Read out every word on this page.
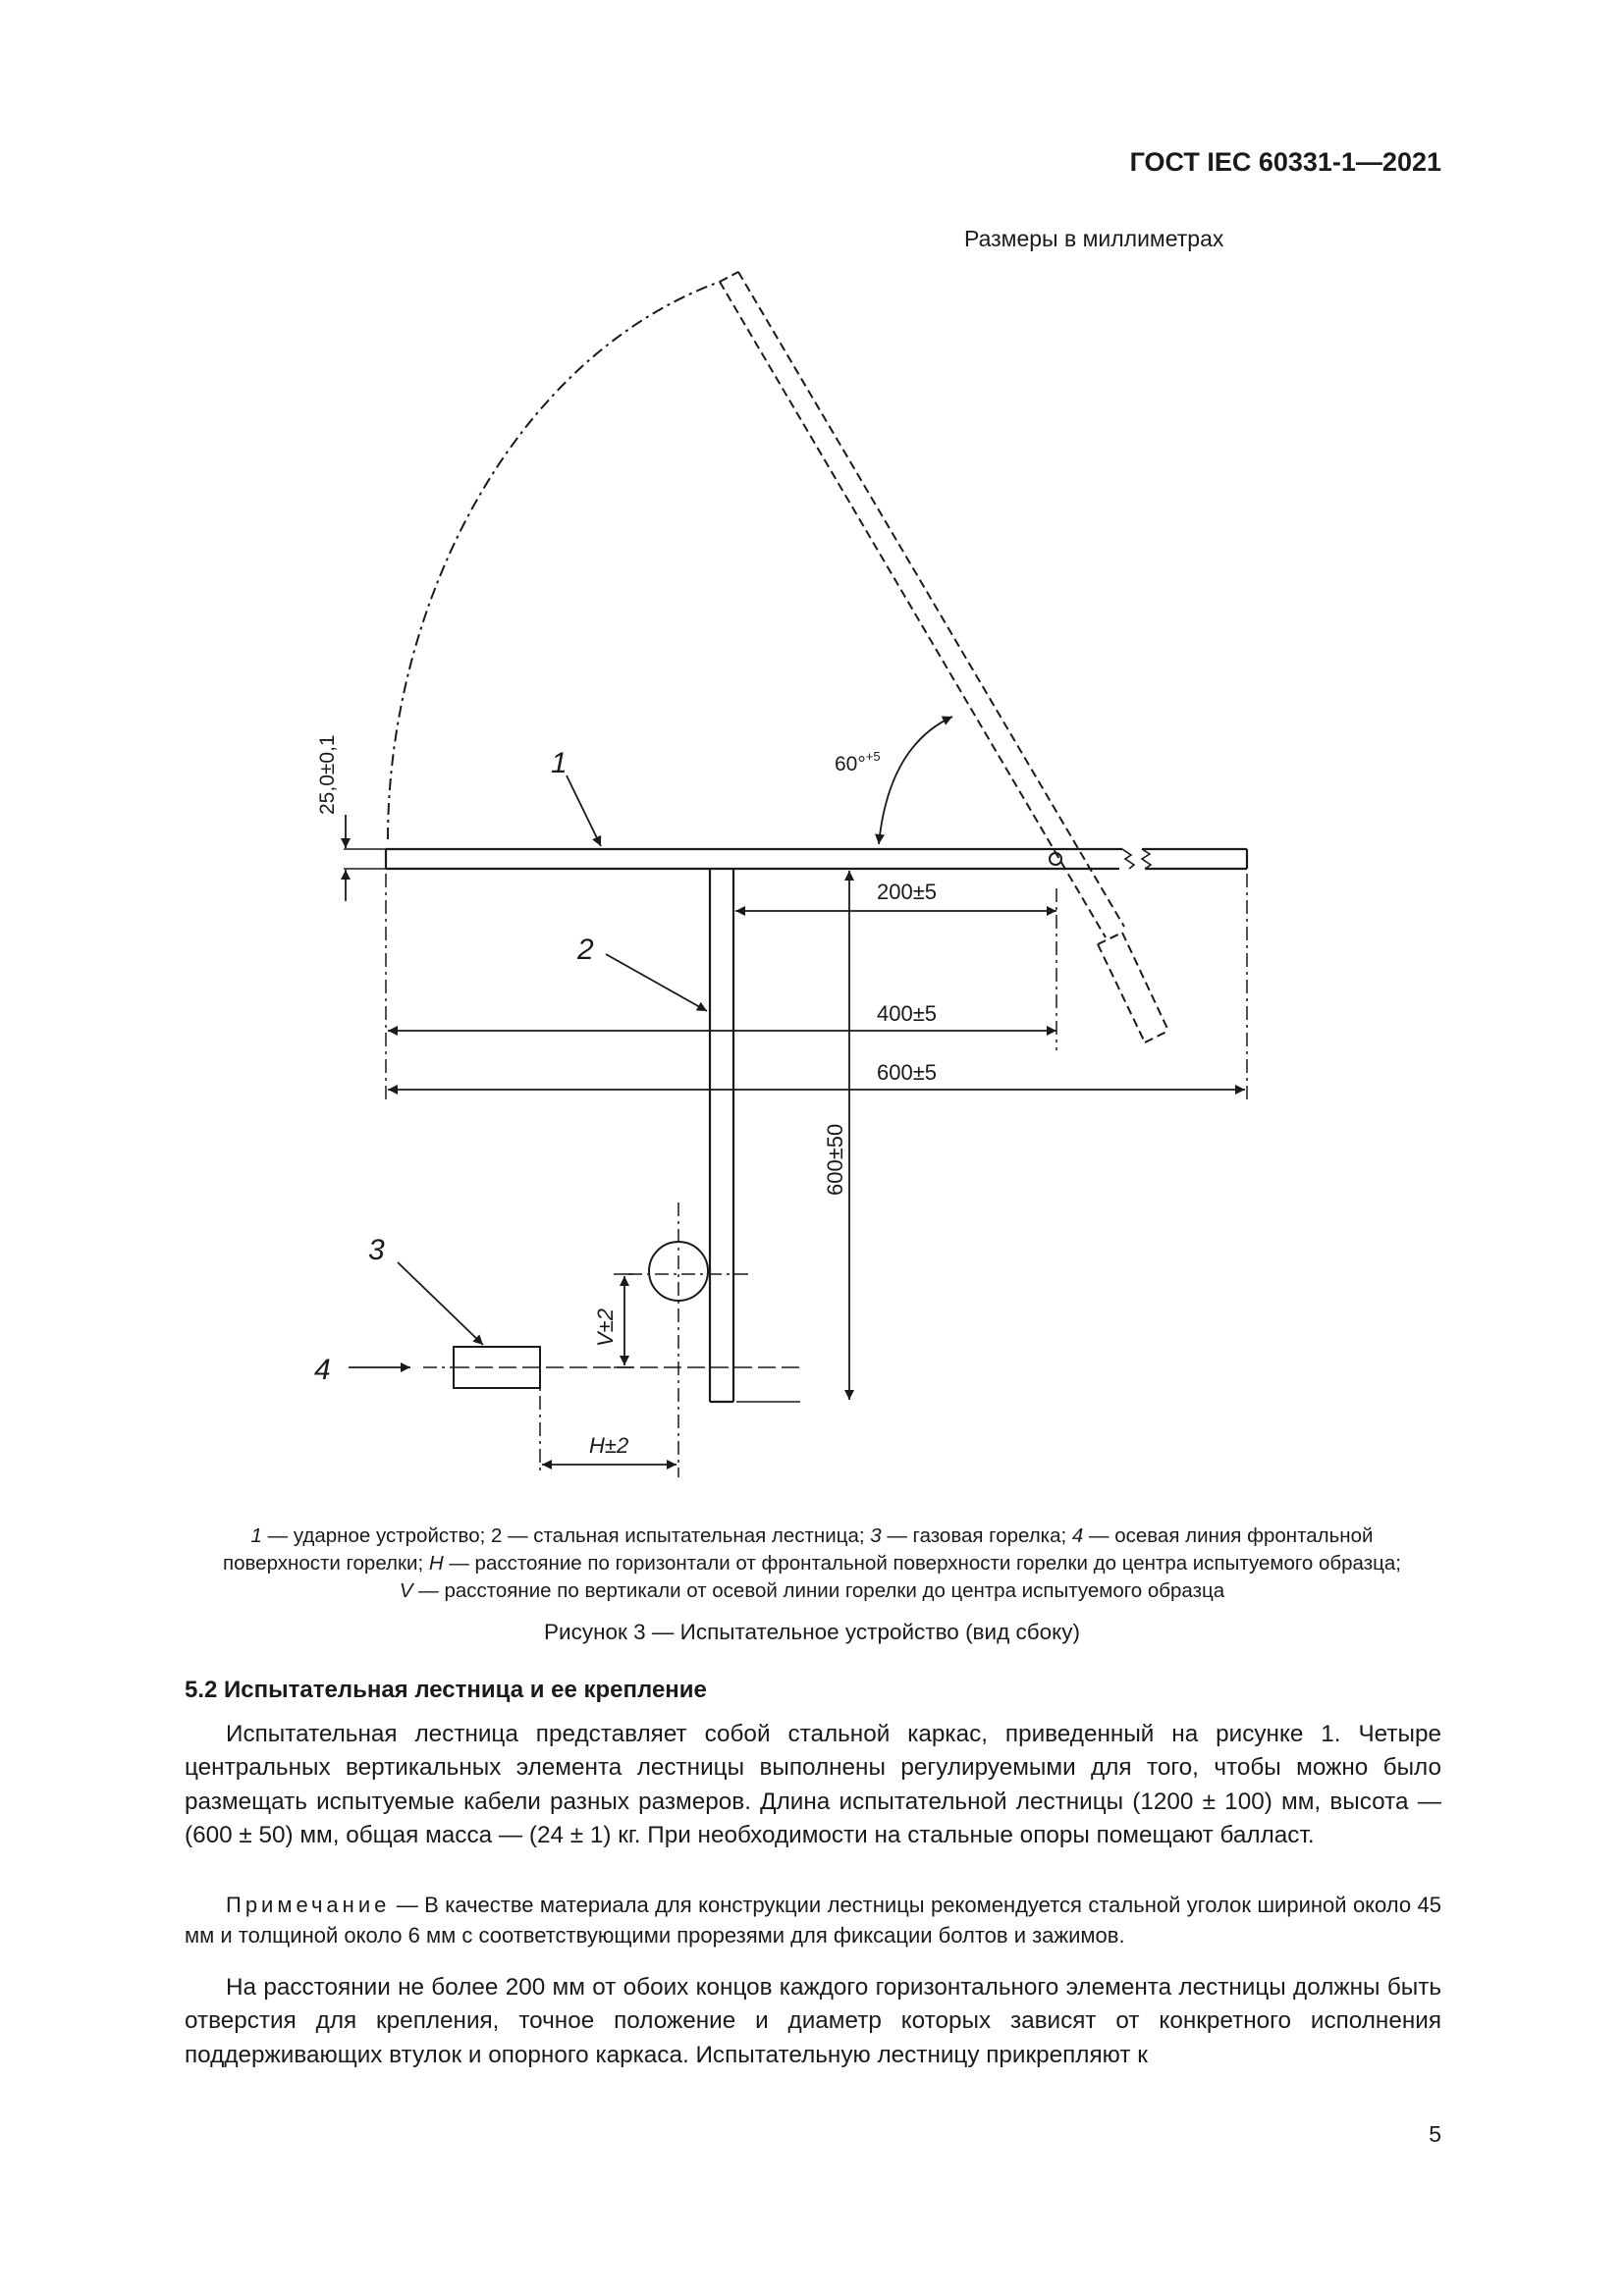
ГОСТ IEC 60331-1—2021
Размеры в миллиметрах
1
2
3
4
60°$^{+5}$
200±5
400±5
600±5
600±50
25,0±0,1
V±2
H±2
1 — ударное устройство; 2 — стальная испытательная лестница; 3 — газовая горелка; 4 — осевая линия фронтальной
поверхности горелки; H — расстояние по горизонтали от фронтальной поверхности горелки до центра испытуемого образца;
V — расстояние по вертикали от осевой линии горелки до центра испытуемого образца
Рисунок 3 — Испытательное устройство (вид сбоку)
5.2 Испытательная лестница и ее крепление

Испытательная лестница представляет собой стальной каркас, приведенный на рисунке 1. Четыре центральных вертикальных элемента лестницы выполнены регулируемыми для того, чтобы можно было размещать испытуемые кабели разных размеров. Длина испытательной лестницы (1200 ± 100) мм, высота — (600 ± 50) мм, общая масса — (24 ± 1) кг. При необходимости на стальные опоры помещают балласт.

Примечание — В качестве материала для конструкции лестницы рекомендуется стальной уголок шириной около 45 мм и толщиной около 6 мм с соответствующими прорезями для фиксации болтов и зажимов.

На расстоянии не более 200 мм от обоих концов каждого горизонтального элемента лестницы должны быть отверстия для крепления, точное положение и диаметр которых зависят от конкретного исполнения поддерживающих втулок и опорного каркаса. Испытательную лестницу прикрепляют к

5
